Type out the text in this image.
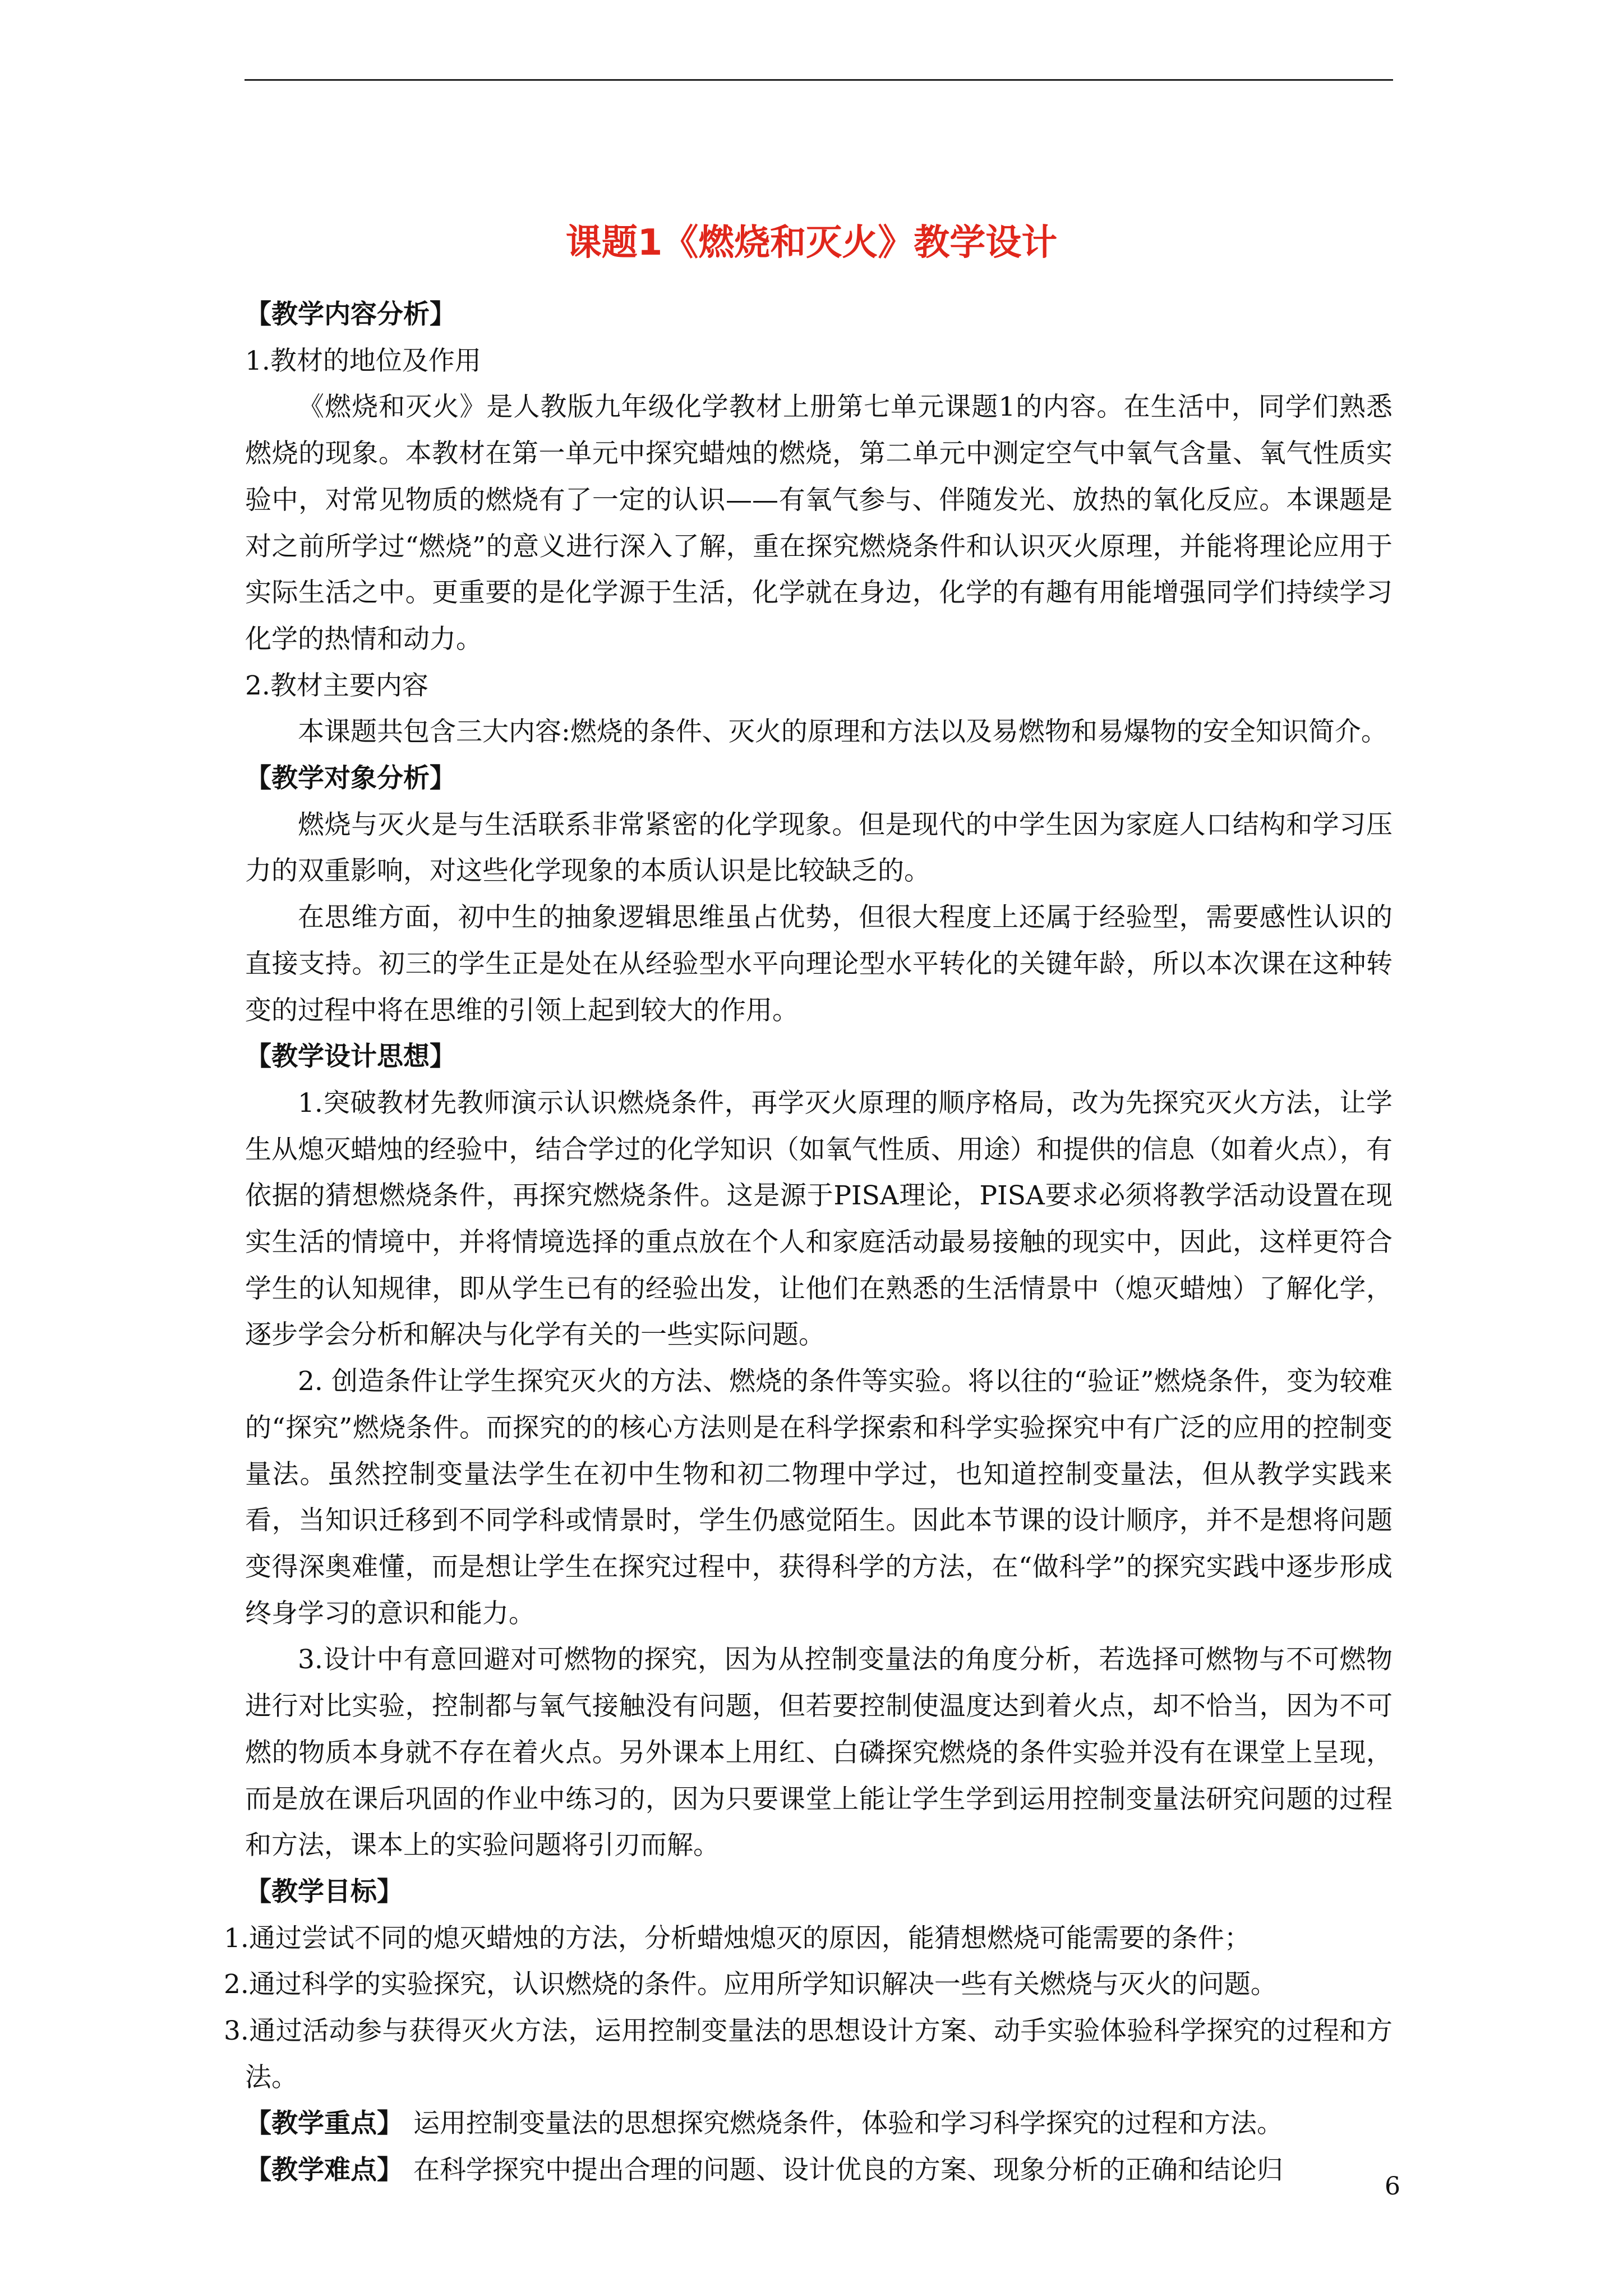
课题1《燃烧和灭火》教学设计

【教学内容分析】

1.教材的地位及作用

《燃烧和灭火》是人教版九年级化学教材上册第七单元课题1的内容。在生活中，同学们熟悉燃烧的现象。本教材在第一单元中探究蜡烛的燃烧，第二单元中测定空气中氧气含量、氧气性质实验中，对常见物质的燃烧有了一定的认识——有氧气参与、伴随发光、放热的氧化反应。本课题是对之前所学过“燃烧”的意义进行深入了解，重在探究燃烧条件和认识灭火原理，并能将理论应用于实际生活之中。更重要的是化学源于生活，化学就在身边，化学的有趣有用能增强同学们持续学习化学的热情和动力。

2.教材主要内容

本课题共包含三大内容:燃烧的条件、灭火的原理和方法以及易燃物和易爆物的安全知识简介。

【教学对象分析】

燃烧与灭火是与生活联系非常紧密的化学现象。但是现代的中学生因为家庭人口结构和学习压力的双重影响，对这些化学现象的本质认识是比较缺乏的。

在思维方面，初中生的抽象逻辑思维虽占优势，但很大程度上还属于经验型，需要感性认识的直接支持。初三的学生正是处在从经验型水平向理论型水平转化的关键年龄，所以本次课在这种转变的过程中将在思维的引领上起到较大的作用。

【教学设计思想】

1.突破教材先教师演示认识燃烧条件，再学灭火原理的顺序格局，改为先探究灭火方法，让学生从熄灭蜡烛的经验中，结合学过的化学知识（如氧气性质、用途）和提供的信息（如着火点），有依据的猜想燃烧条件，再探究燃烧条件。这是源于PISA理论，PISA要求必须将教学活动设置在现实生活的情境中，并将情境选择的重点放在个人和家庭活动最易接触的现实中，因此，这样更符合学生的认知规律，即从学生已有的经验出发，让他们在熟悉的生活情景中（熄灭蜡烛）了解化学，逐步学会分析和解决与化学有关的一些实际问题。

2. 创造条件让学生探究灭火的方法、燃烧的条件等实验。将以往的“验证”燃烧条件，变为较难的“探究”燃烧条件。而探究的的核心方法则是在科学探索和科学实验探究中有广泛的应用的控制变量法。虽然控制变量法学生在初中生物和初二物理中学过，也知道控制变量法，但从教学实践来看，当知识迁移到不同学科或情景时，学生仍感觉陌生。因此本节课的设计顺序，并不是想将问题变得深奥难懂，而是想让学生在探究过程中，获得科学的方法，在“做科学”的探究实践中逐步形成终身学习的意识和能力。

3.设计中有意回避对可燃物的探究，因为从控制变量法的角度分析，若选择可燃物与不可燃物进行对比实验，控制都与氧气接触没有问题，但若要控制使温度达到着火点，却不恰当，因为不可燃的物质本身就不存在着火点。另外课本上用红、白磷探究燃烧的条件实验并没有在课堂上呈现，而是放在课后巩固的作业中练习的，因为只要课堂上能让学生学到运用控制变量法研究问题的过程和方法，课本上的实验问题将引刃而解。

【教学目标】

1.通过尝试不同的熄灭蜡烛的方法，分析蜡烛熄灭的原因，能猜想燃烧可能需要的条件；

2.通过科学的实验探究，认识燃烧的条件。应用所学知识解决一些有关燃烧与灭火的问题。

3.通过活动参与获得灭火方法，运用控制变量法的思想设计方案、动手实验体验科学探究的过程和方法。

【教学重点】 运用控制变量法的思想探究燃烧条件，体验和学习科学探究的过程和方法。
【教学难点】 在科学探究中提出合理的问题、设计优良的方案、现象分析的正确和结论归
6
